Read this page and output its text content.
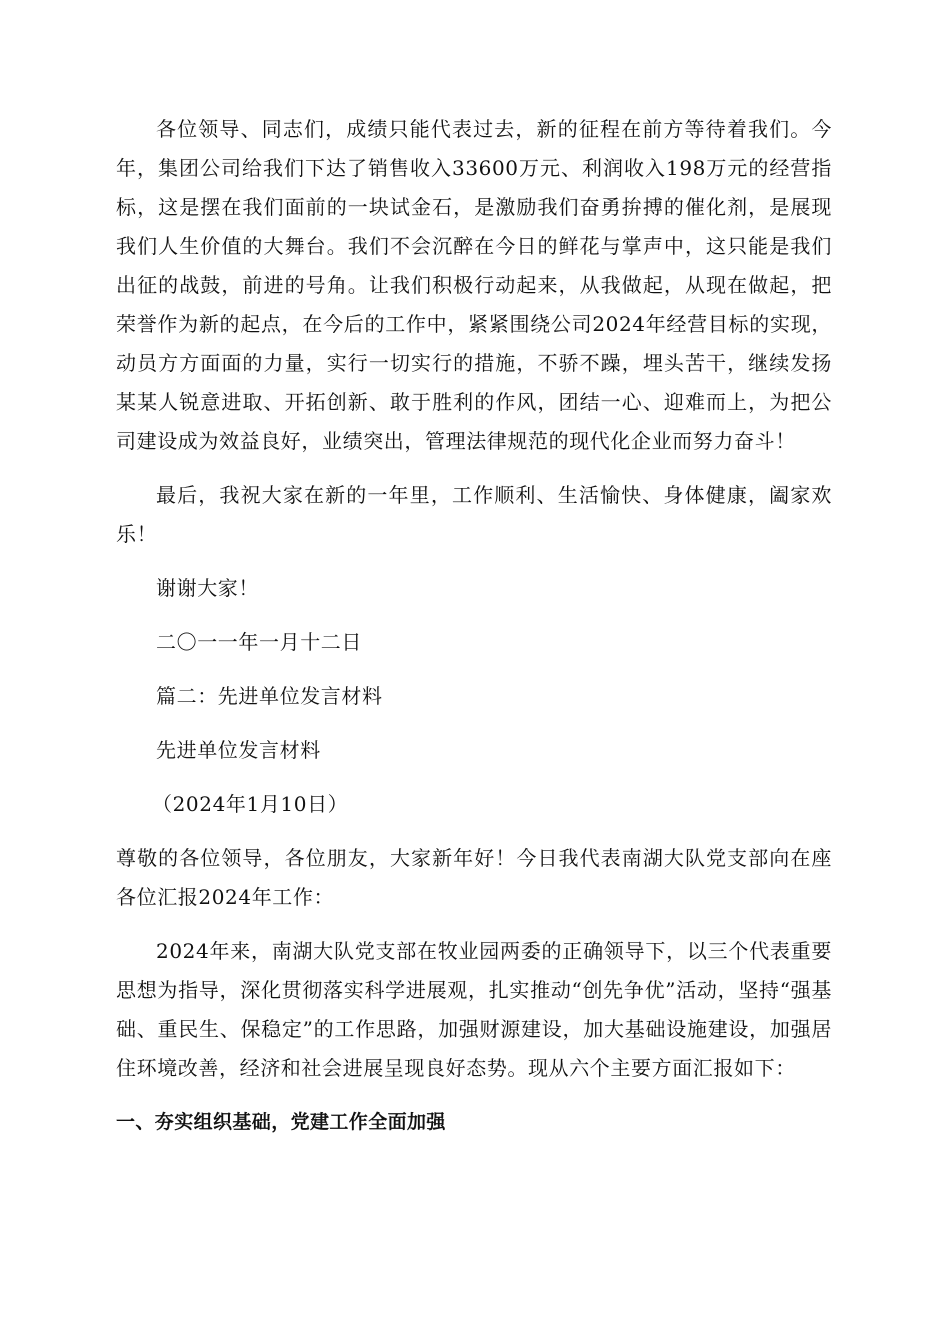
各位领导、同志们，成绩只能代表过去，新的征程在前方等待着我们。今年，集团公司给我们下达了销售收入33600万元、利润收入198万元的经营指标，这是摆在我们面前的一块试金石，是激励我们奋勇拚搏的催化剂，是展现我们人生价值的大舞台。我们不会沉醉在今日的鲜花与掌声中，这只能是我们出征的战鼓，前进的号角。让我们积极行动起来，从我做起，从现在做起，把荣誉作为新的起点，在今后的工作中，紧紧围绕公司2024年经营目标的实现，动员方方面面的力量，实行一切实行的措施，不骄不躁，埋头苦干，继续发扬某某人锐意进取、开拓创新、敢于胜利的作风，团结一心、迎难而上，为把公司建设成为效益良好，业绩突出，管理法律规范的现代化企业而努力奋斗！

最后，我祝大家在新的一年里，工作顺利、生活愉快、身体健康，阖家欢乐！

谢谢大家！

二〇一一年一月十二日

篇二：先进单位发言材料

先进单位发言材料

（2024年1月10日）

尊敬的各位领导，各位朋友，大家新年好！今日我代表南湖大队党支部向在座各位汇报2024年工作：

2024年来，南湖大队党支部在牧业园两委的正确领导下，以三个代表重要思想为指导，深化贯彻落实科学进展观，扎实推动“创先争优”活动，坚持“强基础、重民生、保稳定”的工作思路，加强财源建设，加大基础设施建设，加强居住环境改善，经济和社会进展呈现良好态势。现从六个主要方面汇报如下：

一、夯实组织基础，党建工作全面加强
